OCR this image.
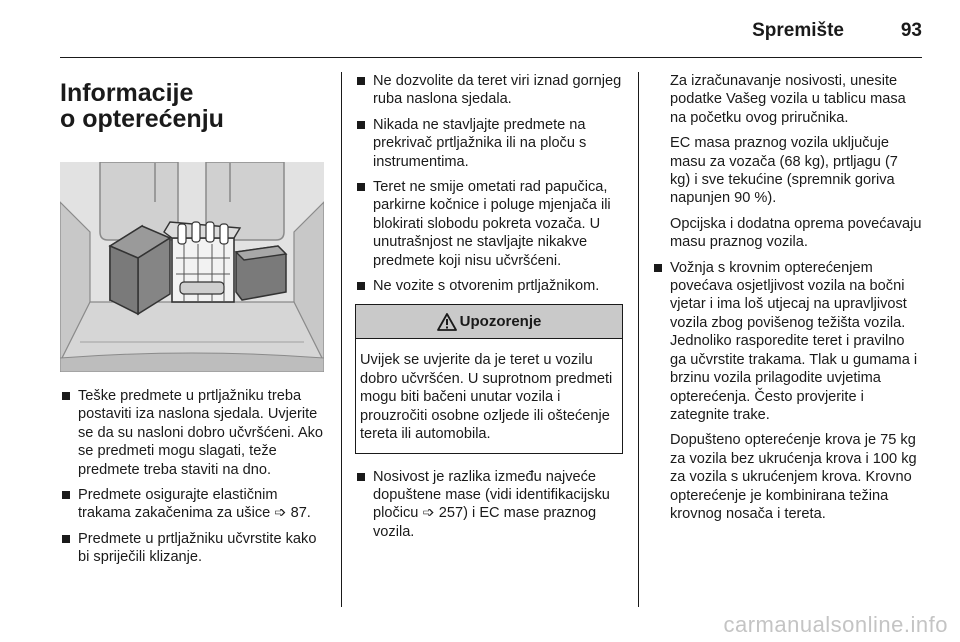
Spremište	93
Informacije
o opterećenju
Teške predmete u prtljažniku treba postaviti iza naslona sjedala. Uvjerite se da su nasloni dobro učvršćeni. Ako se predmeti mogu slagati, teže predmete treba staviti na dno.
Predmete osigurajte elastičnim trakama zakačenima za ušice ➩ 87.
Predmete u prtljažniku učvrstite kako bi spriječili klizanje.
Ne dozvolite da teret viri iznad gornjeg ruba naslona sjedala.
Nikada ne stavljajte predmete na prekrivač prtljažnika ili na ploču s instrumentima.
Teret ne smije ometati rad papučica, parkirne kočnice i poluge mjenjača ili blokirati slobodu pokreta vozača. U unutrašnjost ne stavljajte nikakve predmete koji nisu učvršćeni.
Ne vozite s otvorenim prtljažnikom.
Upozorenje
Uvijek se uvjerite da je teret u vozilu dobro učvršćen. U suprotnom predmeti mogu biti bačeni unutar vozila i prouzročiti osobne ozljede ili oštećenje tereta ili automobila.
Nosivost je razlika između najveće dopuštene mase (vidi identifikacijsku pločicu ➩ 257) i EC mase praznog vozila.

Za izračunavanje nosivosti, unesite podatke Vašeg vozila u tablicu masa na početku ovog priručnika.

EC masa praznog vozila uključuje masu za vozača (68 kg), prtljagu (7 kg) i sve tekućine (spremnik goriva napunjen 90 %).

Opcijska i dodatna oprema povećavaju masu praznog vozila.

Vožnja s krovnim opterećenjem povećava osjetljivost vozila na bočni vjetar i ima loš utjecaj na upravljivost vozila zbog povišenog težišta vozila. Jednoliko rasporedite teret i pravilno ga učvrstite trakama. Tlak u gumama i brzinu vozila prilagodite uvjetima opterećenja. Često provjerite i zategnite trake.
Dopušteno opterećenje krova je 75 kg za vozila bez ukrućenja krova i 100 kg za vozila s ukrućenjem krova. Krovno opterećenje je kombinirana težina krovnog nosača i tereta.
carmanualsonline.info
